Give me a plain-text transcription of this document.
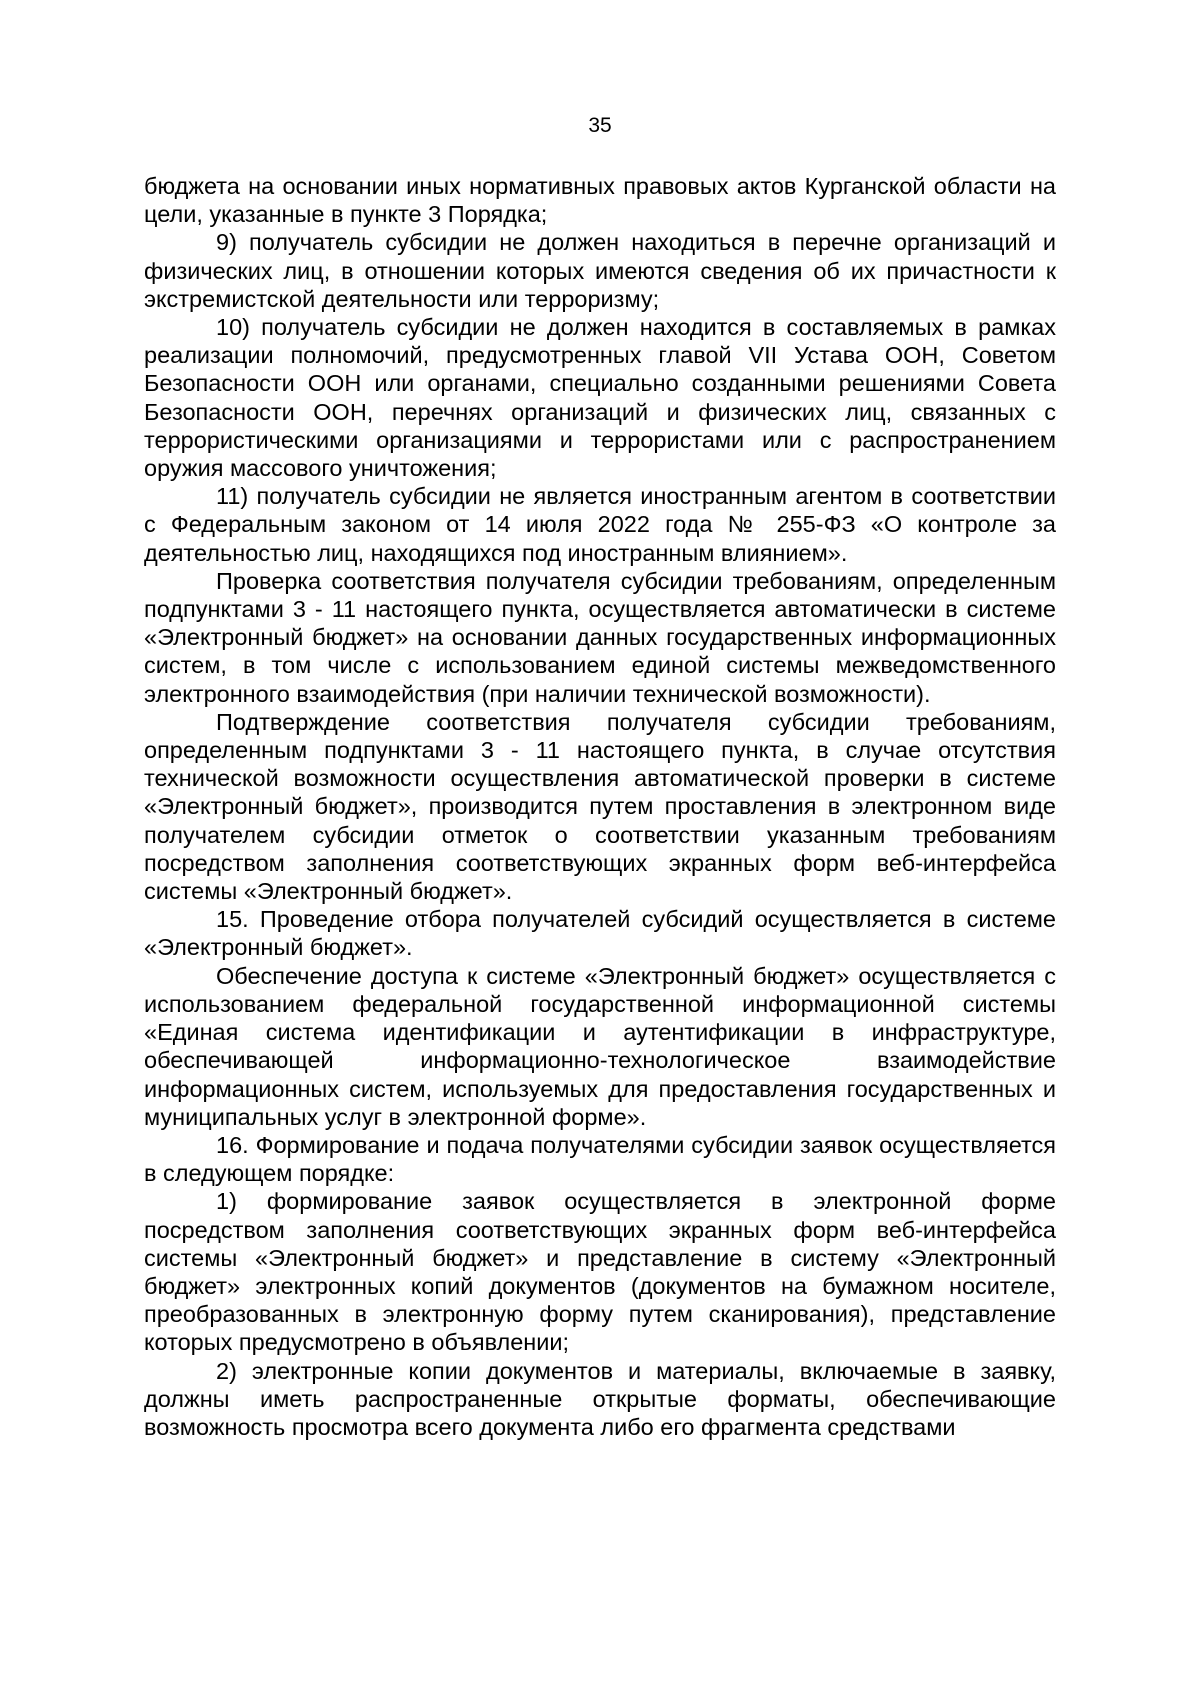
35

бюджета на основании иных нормативных правовых актов Курганской области на цели, указанные в пункте 3 Порядка;

9) получатель субсидии не должен находиться в перечне организаций и физических лиц, в отношении которых имеются сведения об их причастности к экстремистской деятельности или терроризму;

10) получатель субсидии не должен находится в составляемых в рамках реализации полномочий, предусмотренных главой VII Устава ООН, Советом Безопасности ООН или органами, специально созданными решениями Совета Безопасности ООН, перечнях организаций и физических лиц, связанных с террористическими организациями и террористами или с распространением оружия массового уничтожения;

11) получатель субсидии не является иностранным агентом в соответствии с Федеральным законом от 14 июля 2022 года № 255-ФЗ «О контроле за деятельностью лиц, находящихся под иностранным влиянием».

Проверка соответствия получателя субсидии требованиям, определенным подпунктами 3 - 11 настоящего пункта, осуществляется автоматически в системе «Электронный бюджет» на основании данных государственных информационных систем, в том числе с использованием единой системы межведомственного электронного взаимодействия (при наличии технической возможности).

Подтверждение соответствия получателя субсидии требованиям, определенным подпунктами 3 - 11 настоящего пункта, в случае отсутствия технической возможности осуществления автоматической проверки в системе «Электронный бюджет», производится путем проставления в электронном виде получателем субсидии отметок о соответствии указанным требованиям посредством заполнения соответствующих экранных форм веб-интерфейса системы «Электронный бюджет».

15. Проведение отбора получателей субсидий осуществляется в системе «Электронный бюджет».

Обеспечение доступа к системе «Электронный бюджет» осуществляется с использованием федеральной государственной информационной системы «Единая система идентификации и аутентификации в инфраструктуре, обеспечивающей информационно-технологическое взаимодействие информационных систем, используемых для предоставления государственных и муниципальных услуг в электронной форме».

16. Формирование и подача получателями субсидии заявок осуществляется в следующем порядке:

1) формирование заявок осуществляется в электронной форме посредством заполнения соответствующих экранных форм веб-интерфейса системы «Электронный бюджет» и представление в систему «Электронный бюджет» электронных копий документов (документов на бумажном носителе, преобразованных в электронную форму путем сканирования), представление которых предусмотрено в объявлении;

2) электронные копии документов и материалы, включаемые в заявку, должны иметь распространенные открытые форматы, обеспечивающие возможность просмотра всего документа либо его фрагмента средствами
